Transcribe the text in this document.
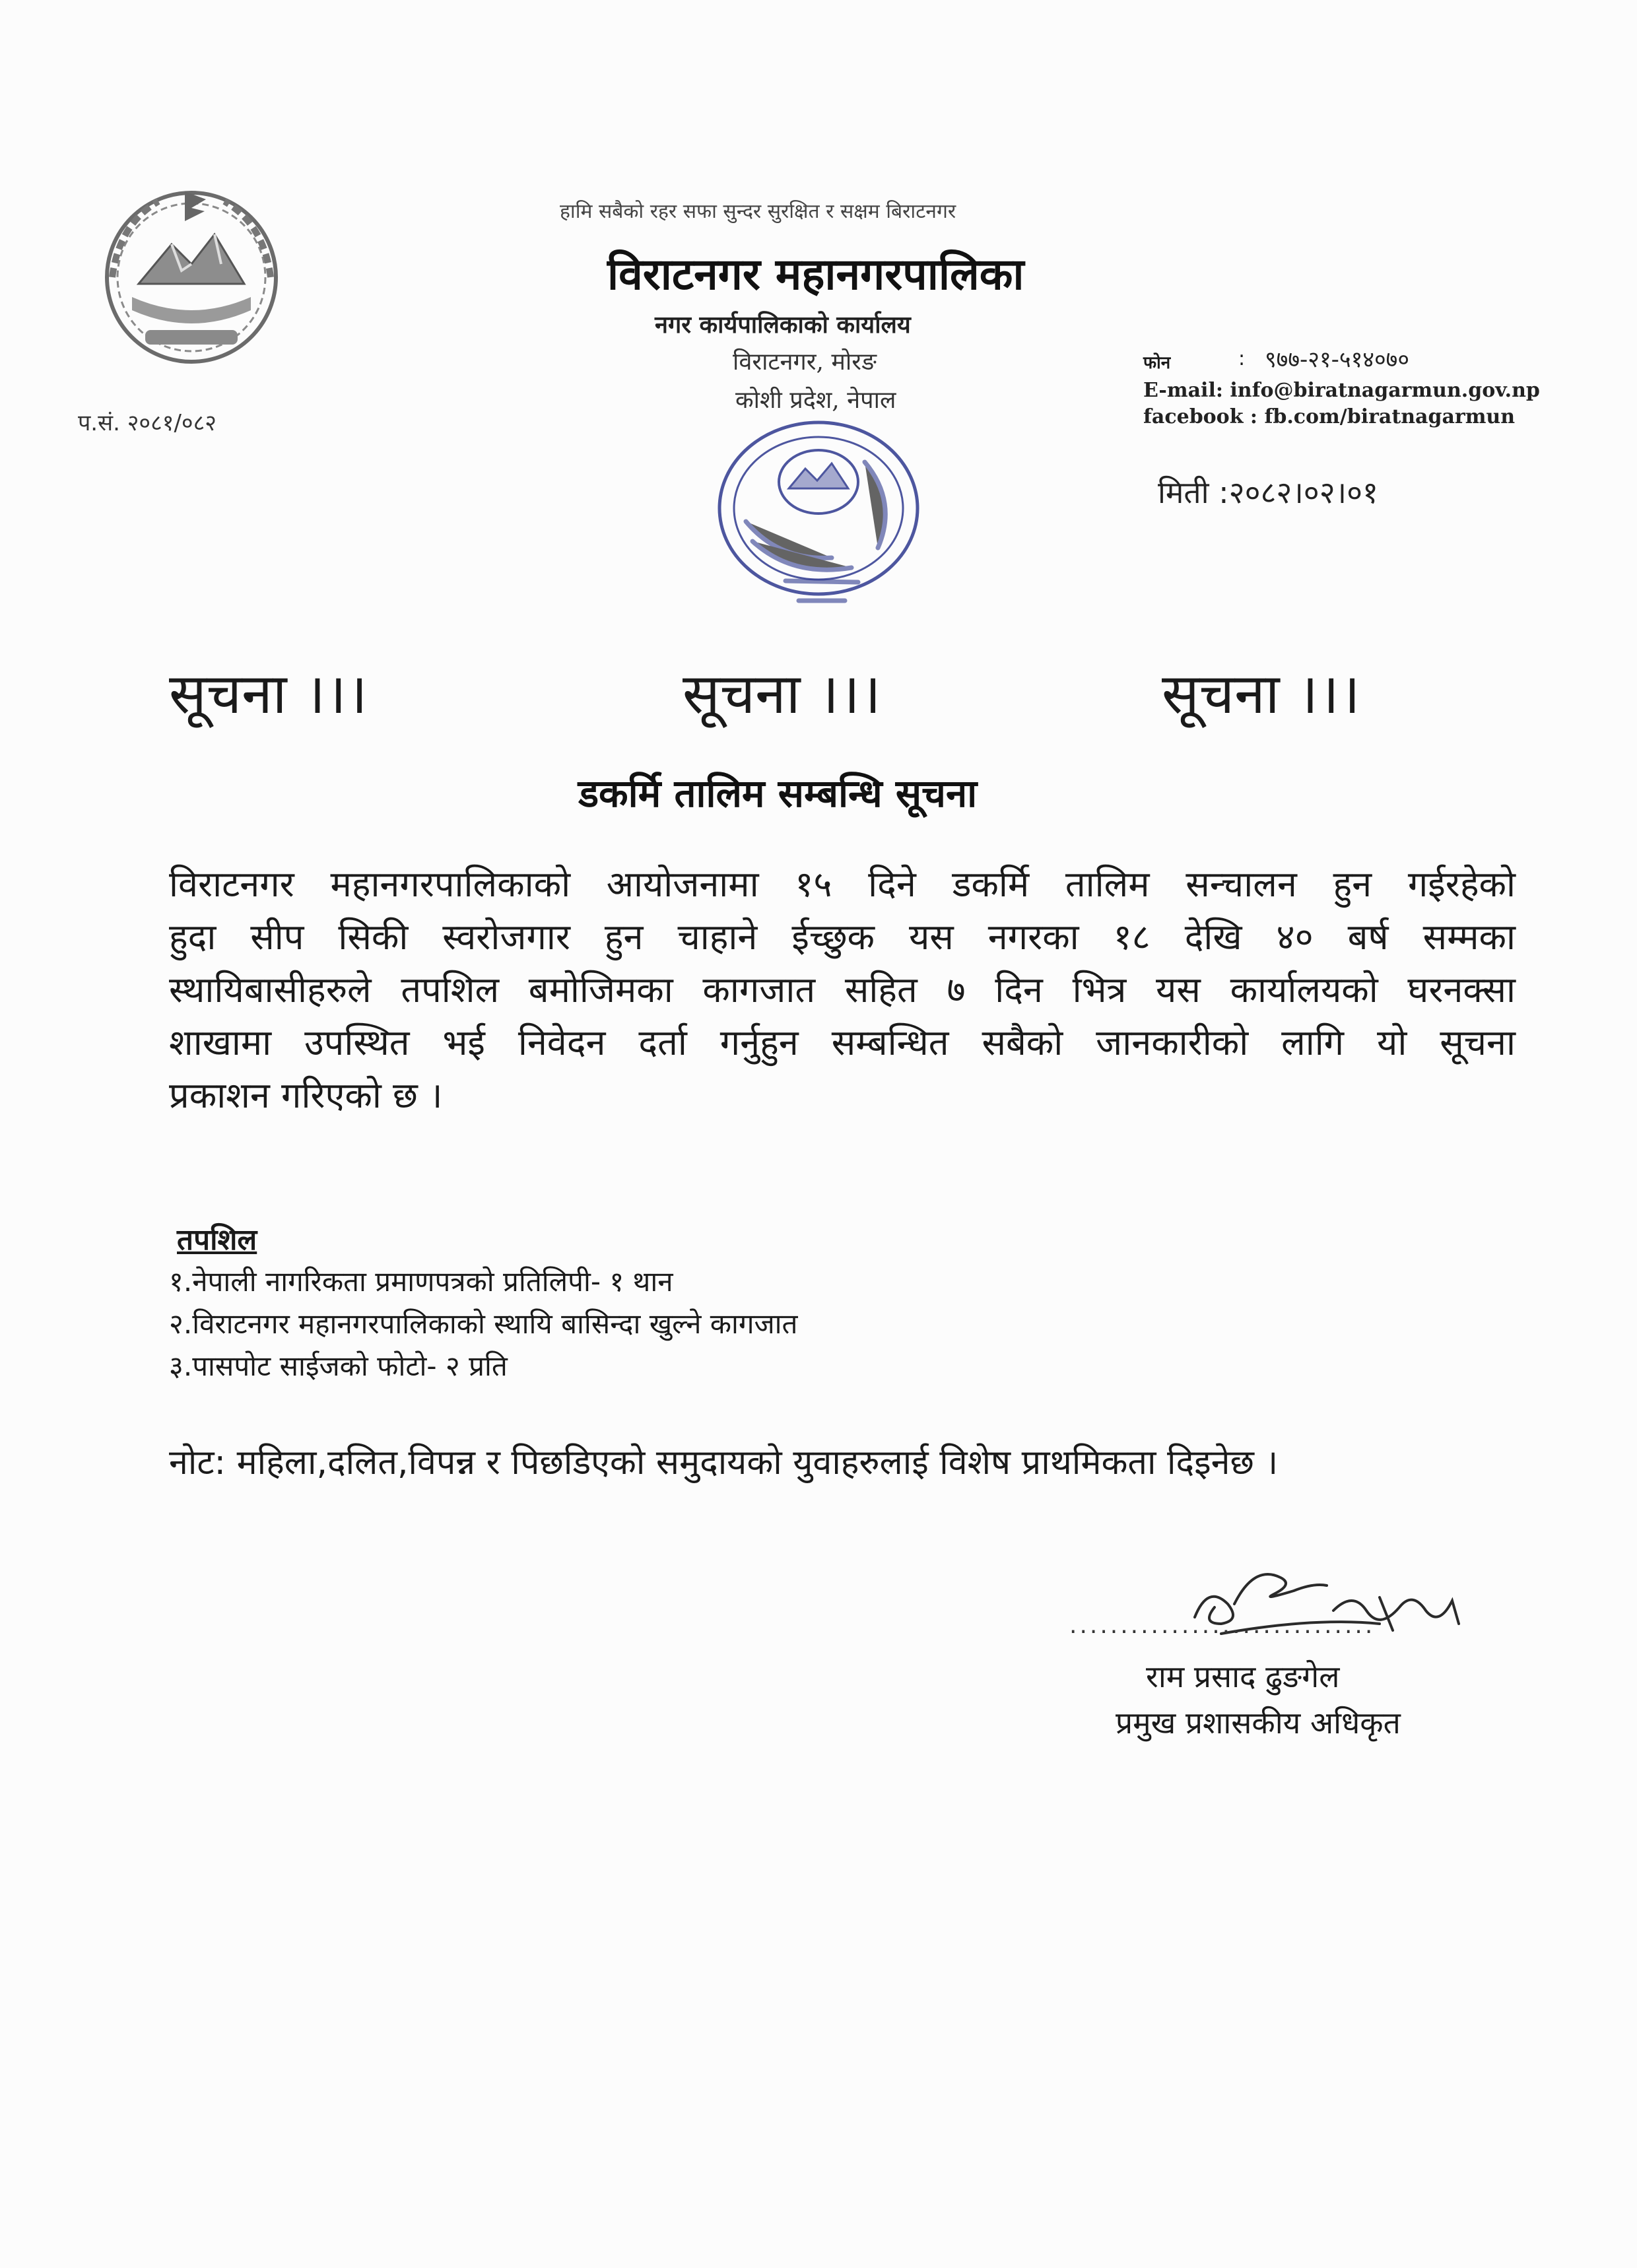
प.सं. २०८१/०८२
हामि सबैको रहर सफा सुन्दर सुरक्षित र सक्षम बिराटनगर
विराटनगर महानगरपालिका
नगर कार्यपालिकाको कार्यालय
विराटनगर, मोरङ
कोशी प्रदेश, नेपाल
फोन	: ९७७-२१-५१४०७०
E-mail: info@biratnagarmun.gov.np
facebook : fb.com/biratnagarmun
मिती :२०८२।०२।०१
सूचना ।।।	सूचना ।।।	सूचना ।।।
डकर्मि तालिम सम्बन्धि सूचना
विराटनगर महानगरपालिकाको आयोजनामा १५ दिने डकर्मि तालिम सन्चालन हुन गईरहेको
हुदा सीप सिकी स्वरोजगार हुन चाहाने ईच्छुक यस नगरका १८ देखि ४० बर्ष सम्मका
स्थायिबासीहरुले तपशिल बमोजिमका कागजात सहित ७ दिन भित्र यस कार्यालयको घरनक्सा
शाखामा उपस्थित भई निवेदन दर्ता गर्नुहुन सम्बन्धित सबैको जानकारीको लागि यो सूचना
प्रकाशन गरिएको छ ।
तपशिल
१.नेपाली नागरिकता प्रमाणपत्रको प्रतिलिपी- १ थान
२.विराटनगर महानगरपालिकाको स्थायि बासिन्दा खुल्ने कागजात
३.पासपोट साईजको फोटो- २ प्रति
नोट: महिला,दलित,विपन्न र पिछडिएको समुदायको युवाहरुलाई विशेष प्राथमिकता दिइनेछ ।
..............................
राम प्रसाद ढुङगेल
प्रमुख प्रशासकीय अधिकृत
